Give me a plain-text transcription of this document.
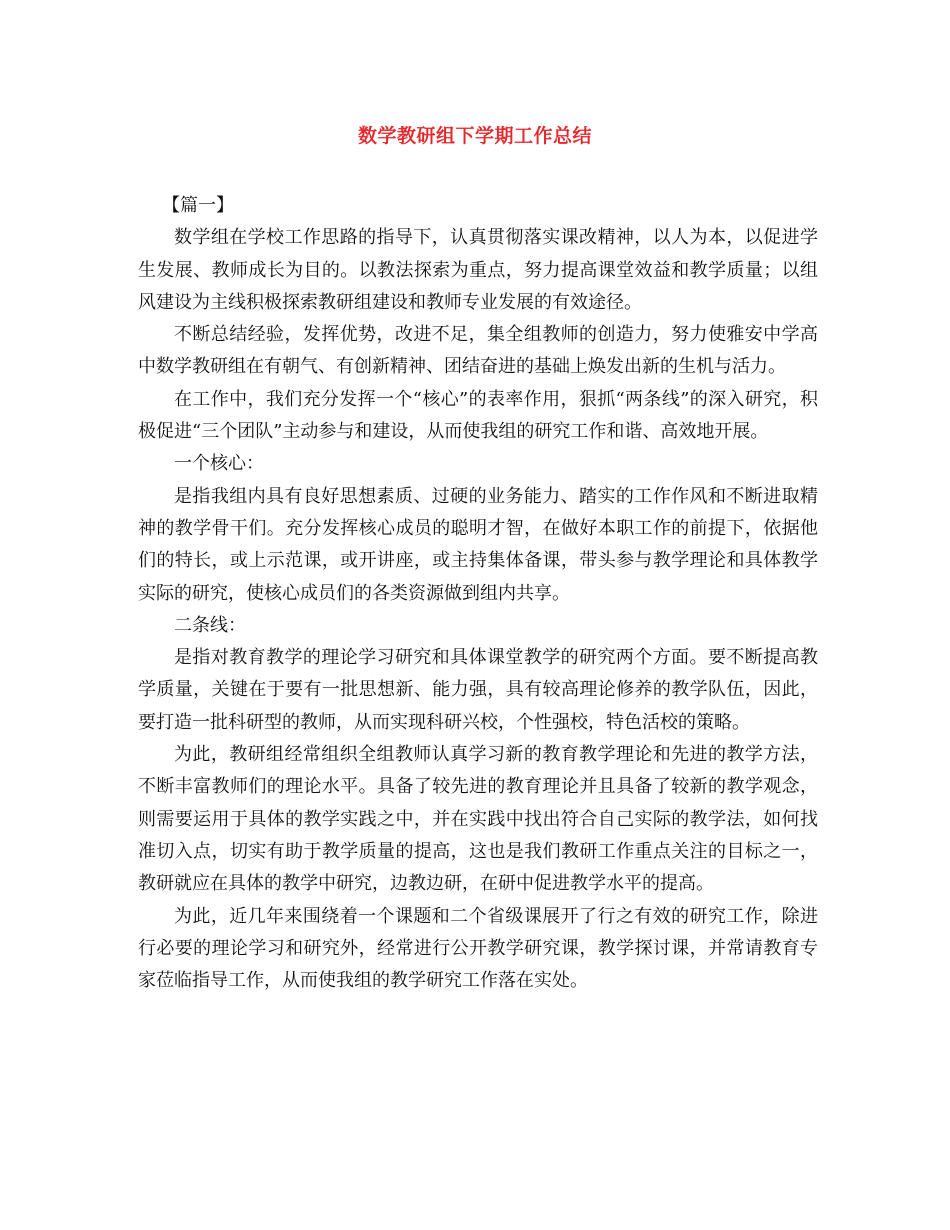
数学教研组下学期工作总结

【篇一】

数学组在学校工作思路的指导下，认真贯彻落实课改精神，以人为本，以促进学生发展、教师成长为目的。以教法探索为重点，努力提高课堂效益和教学质量；以组风建设为主线积极探索教研组建设和教师专业发展的有效途径。

不断总结经验，发挥优势，改进不足，集全组教师的创造力，努力使雅安中学高中数学教研组在有朝气、有创新精神、团结奋进的基础上焕发出新的生机与活力。

在工作中，我们充分发挥一个“核心”的表率作用，狠抓“两条线”的深入研究，积极促进“三个团队”主动参与和建设，从而使我组的研究工作和谐、高效地开展。

一个核心：

是指我组内具有良好思想素质、过硬的业务能力、踏实的工作作风和不断进取精神的教学骨干们。充分发挥核心成员的聪明才智，在做好本职工作的前提下，依据他们的特长，或上示范课，或开讲座，或主持集体备课，带头参与教学理论和具体教学实际的研究，使核心成员们的各类资源做到组内共享。

二条线：

是指对教育教学的理论学习研究和具体课堂教学的研究两个方面。要不断提高教学质量，关键在于要有一批思想新、能力强，具有较高理论修养的教学队伍，因此，要打造一批科研型的教师，从而实现科研兴校，个性强校，特色活校的策略。

为此，教研组经常组织全组教师认真学习新的教育教学理论和先进的教学方法，不断丰富教师们的理论水平。具备了较先进的教育理论并且具备了较新的教学观念，则需要运用于具体的教学实践之中，并在实践中找出符合自己实际的教学法，如何找准切入点，切实有助于教学质量的提高，这也是我们教研工作重点关注的目标之一，教研就应在具体的教学中研究，边教边研，在研中促进教学水平的提高。

为此，近几年来围绕着一个课题和二个省级课展开了行之有效的研究工作，除进行必要的理论学习和研究外，经常进行公开教学研究课，教学探讨课，并常请教育专家莅临指导工作，从而使我组的教学研究工作落在实处。
